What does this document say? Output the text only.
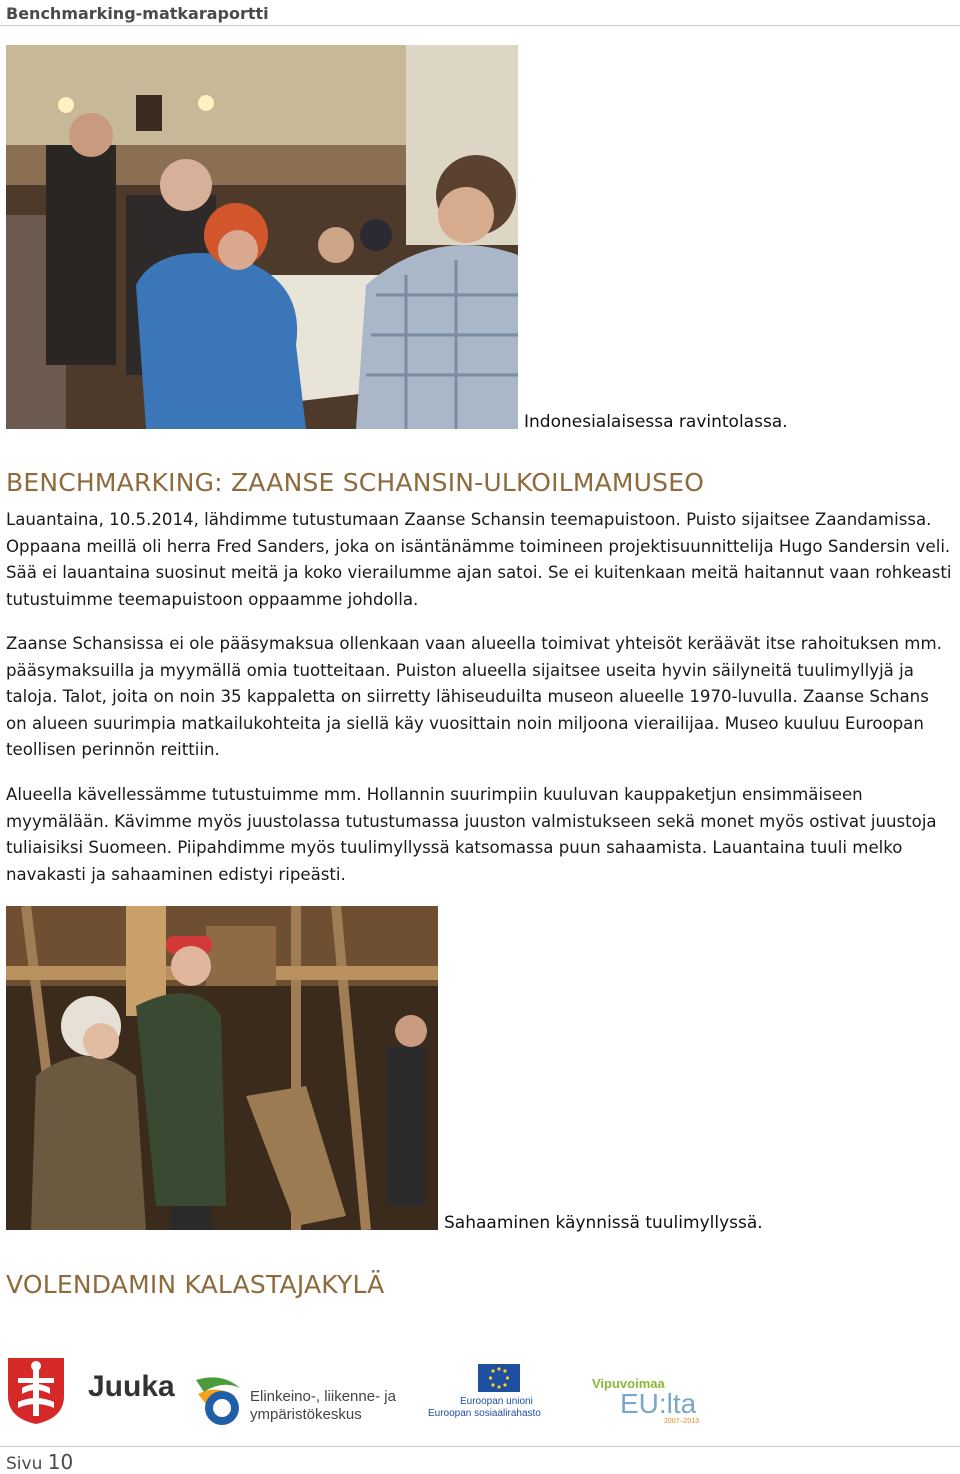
Benchmarking-matkaraportti
Indonesialaisessa ravintolassa.
BENCHMARKING: ZAANSE SCHANSIN-ULKOILMAMUSEO

Lauantaina, 10.5.2014, lähdimme tutustumaan Zaanse Schansin teemapuistoon. Puisto sijaitsee Zaandamissa. Oppaana meillä oli herra Fred Sanders, joka on isäntänämme toimineen projektisuunnittelija Hugo Sandersin veli. Sää ei lauantaina suosinut meitä ja koko vierailumme ajan satoi. Se ei kuitenkaan meitä haitannut vaan rohkeasti tutustuimme teemapuistoon oppaamme johdolla.

Zaanse Schansissa ei ole pääsymaksua ollenkaan vaan alueella toimivat yhteisöt keräävät itse rahoituksen mm. pääsymaksuilla ja myymällä omia tuotteitaan. Puiston alueella sijaitsee useita hyvin säilyneitä tuulimyllyjä ja taloja. Talot, joita on noin 35 kappaletta on siirretty lähiseuduilta museon alueelle 1970-luvulla. Zaanse Schans on alueen suurimpia matkailukohteita ja siellä käy vuosittain noin miljoona vierailijaa. Museo kuuluu Euroopan teollisen perinnön reittiin.

Alueella kävellessämme tutustuimme mm. Hollannin suurimpiin kuuluvan kauppaketjun ensimmäiseen myymälään. Kävimme myös juustolassa tutustumassa juuston valmistukseen sekä monet myös ostivat juustoja tuliaisiksi Suomeen. Piipahdimme myös tuulimyllyssä katsomassa puun sahaamista. Lauantaina tuuli melko navakasti ja sahaaminen edistyi ripeästi.

Sahaaminen käynnissä tuulimyllyssä.
VOLENDAMIN KALASTAJAKYLÄ
Juuka	Elinkeino-, liikenne- ja
ympäristökeskus
Euroopan unioni
Euroopan sosiaalirahasto
Vipuvoimaa
EU:lta
2007–2013
Sivu 10
